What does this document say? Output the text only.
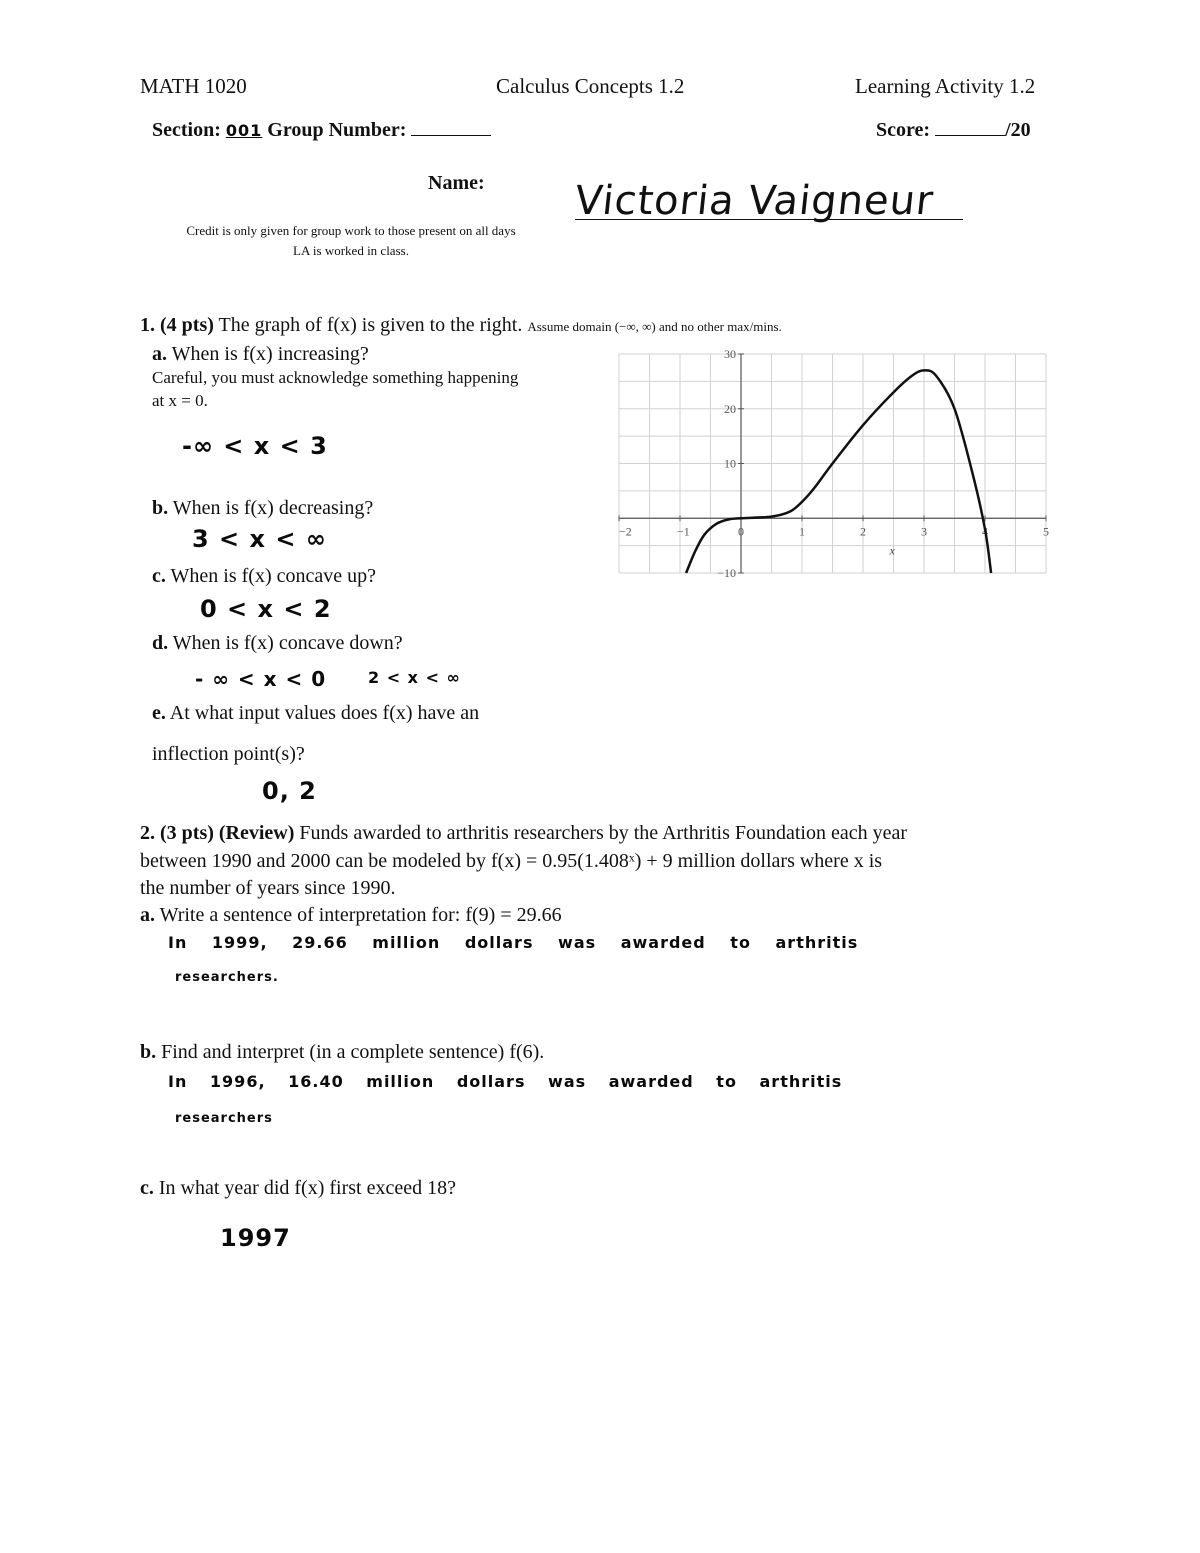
MATH 1020	Calculus Concepts 1.2	Learning Activity 1.2
Section: 001 Group Number:	Score:	/20
Name: Victoria Vaigneur
Credit is only given for group work to those present on all days LA is worked in class.
1. (4 pts) The graph of f(x) is given to the right. Assume domain (−∞, ∞) and no other max/mins.
a. When is f(x) increasing?
Careful, you must acknowledge something happening
at x = 0.
-∞ < x < 3
b. When is f(x) decreasing?
3 < x < ∞
c. When is f(x) concave up?
0 < x < 2
d. When is f(x) concave down?
- ∞ < x < 0	2 < x < ∞
e. At what input values does f(x) have an
inflection point(s)?
0, 2
−2	−1	0	1	2	3	4	5
−10
10
20
30
x
2. (3 pts) (Review) Funds awarded to arthritis researchers by the Arthritis Foundation each year
between 1990 and 2000 can be modeled by f(x) = 0.95(1.408ˣ) + 9 million dollars where x is
the number of years since 1990.
a. Write a sentence of interpretation for: f(9) = 29.66
In 1999, 29.66 million dollars was awarded to arthritis
researchers.
b. Find and interpret (in a complete sentence) f(6).
In 1996, 16.40 million dollars was awarded to arthritis
researchers
c. In what year did f(x) first exceed 18?
1997
